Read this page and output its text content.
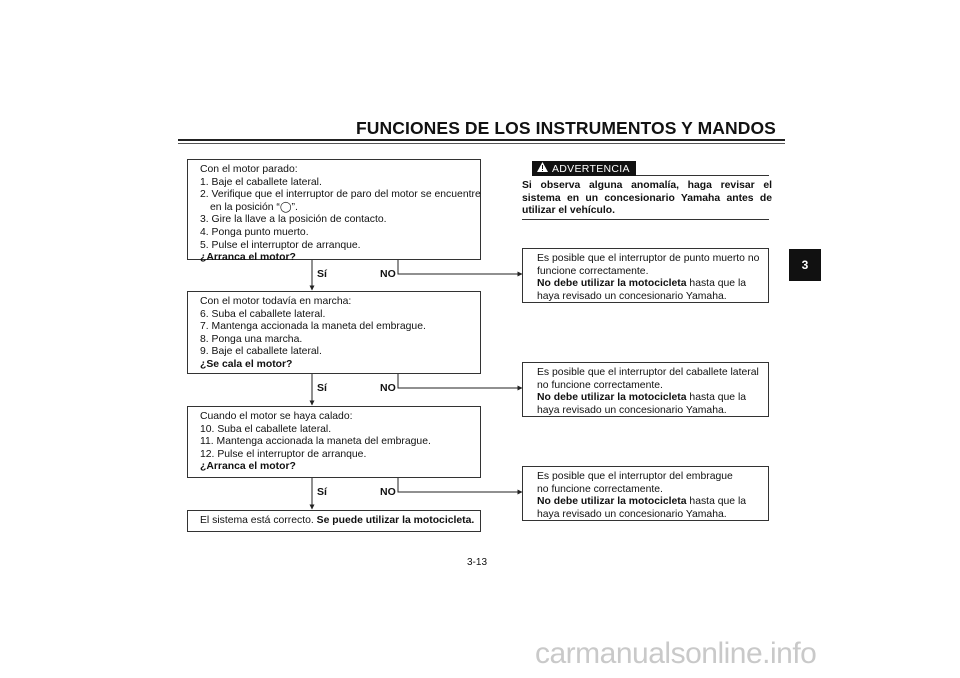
FUNCIONES DE LOS INSTRUMENTOS Y MANDOS
3
Con el motor parado:
1. Baje el caballete lateral.
2. Verifique que el interruptor de paro del motor se encuentre
en la posición “◯”.
3. Gire la llave a la posición de contacto.
4. Ponga punto muerto.
5. Pulse el interruptor de arranque.
¿Arranca el motor?
Sí	NO
Con el motor todavía en marcha:
6. Suba el caballete lateral.
7. Mantenga accionada la maneta del embrague.
8. Ponga una marcha.
9. Baje el caballete lateral.
¿Se cala el motor?
Sí	NO
Cuando el motor se haya calado:
10. Suba el caballete lateral.
11. Mantenga accionada la maneta del embrague.
12. Pulse el interruptor de arranque.
¿Arranca el motor?
Sí	NO
El sistema está correcto. Se puede utilizar la motocicleta.
ADVERTENCIA
Si observa alguna anomalía, haga revisar el sistema en un concesionario Yamaha antes de utilizar el vehículo.
Es posible que el interruptor de punto muerto no
funcione correctamente.
No debe utilizar la motocicleta hasta que la
haya revisado un concesionario Yamaha.
Es posible que el interruptor del caballete lateral
no funcione correctamente.
No debe utilizar la motocicleta hasta que la
haya revisado un concesionario Yamaha.
Es posible que el interruptor del embrague
no funcione correctamente.
No debe utilizar la motocicleta hasta que la
haya revisado un concesionario Yamaha.
3-13
carmanualsonline.info
